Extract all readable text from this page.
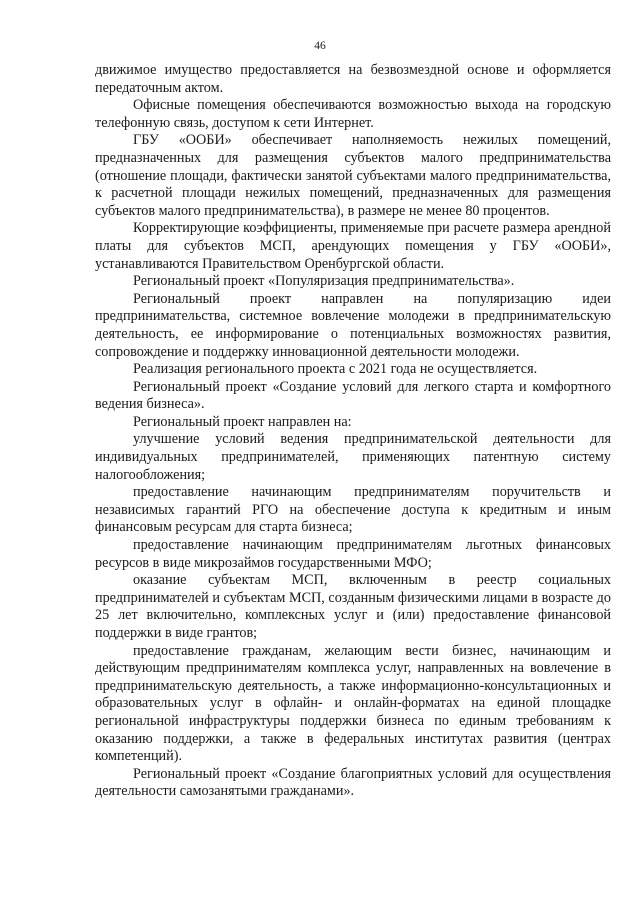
46

движимое имущество предоставляется на безвозмездной основе и оформляется передаточным актом.

Офисные помещения обеспечиваются возможностью выхода на городскую телефонную связь, доступом к сети Интернет.

ГБУ «ООБИ» обеспечивает наполняемость нежилых помещений, предназначенных для размещения субъектов малого предпринимательства (отношение площади, фактически занятой субъектами малого предпринимательства, к расчетной площади нежилых помещений, предназначенных для размещения субъектов малого предпринимательства), в размере не менее 80 процентов.

Корректирующие коэффициенты, применяемые при расчете размера арендной платы для субъектов МСП, арендующих помещения у ГБУ «ООБИ», устанавливаются Правительством Оренбургской области.

Региональный проект «Популяризация предпринимательства».

Региональный проект направлен на популяризацию идеи предпринимательства, системное вовлечение молодежи в предпринимательскую деятельность, ее информирование о потенциальных возможностях развития, сопровождение и поддержку инновационной деятельности молодежи.

Реализация регионального проекта с 2021 года не осуществляется.

Региональный проект «Создание условий для легкого старта и комфортного ведения бизнеса».

Региональный проект направлен на:

улучшение условий ведения предпринимательской деятельности для индивидуальных предпринимателей, применяющих патентную систему налогообложения;

предоставление начинающим предпринимателям поручительств и независимых гарантий РГО на обеспечение доступа к кредитным и иным финансовым ресурсам для старта бизнеса;

предоставление начинающим предпринимателям льготных финансовых ресурсов в виде микрозаймов государственными МФО;

оказание субъектам МСП, включенным в реестр социальных предпринимателей и субъектам МСП, созданным физическими лицами в возрасте до 25 лет включительно, комплексных услуг и (или) предоставление финансовой поддержки в виде грантов;

предоставление гражданам, желающим вести бизнес, начинающим и действующим предпринимателям комплекса услуг, направленных на вовлечение в предпринимательскую деятельность, а также информационно-консультационных и образовательных услуг в офлайн- и онлайн-форматах на единой площадке региональной инфраструктуры поддержки бизнеса по единым требованиям к оказанию поддержки, а также в федеральных институтах развития (центрах компетенций).

Региональный проект «Создание благоприятных условий для осуществления деятельности самозанятыми гражданами».
